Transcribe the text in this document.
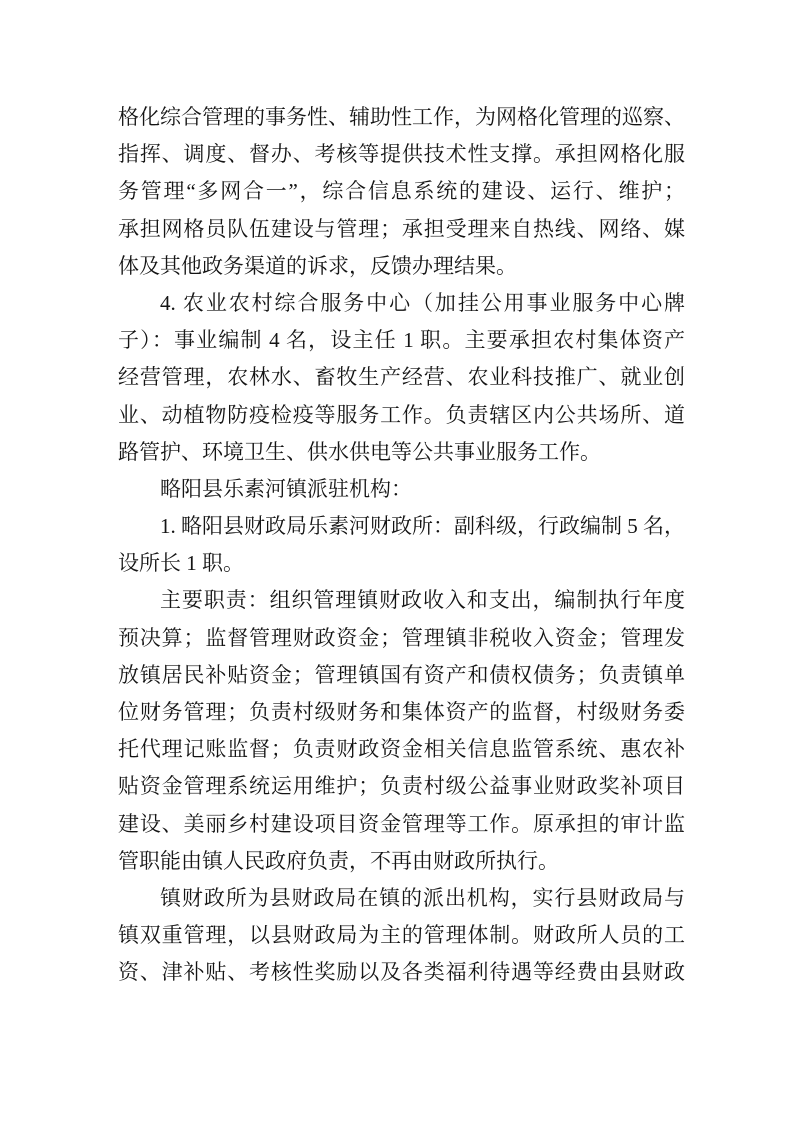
格化综合管理的事务性、辅助性工作，为网格化管理的巡察、
指挥、调度、督办、考核等提供技术性支撑。承担网格化服
务管理“多网合一”，综合信息系统的建设、运行、维护；
承担网格员队伍建设与管理；承担受理来自热线、网络、媒
体及其他政务渠道的诉求，反馈办理结果。
4. 农业农村综合服务中心（加挂公用事业服务中心牌
子）：事业编制 4 名，设主任 1 职。主要承担农村集体资产
经营管理，农林水、畜牧生产经营、农业科技推广、就业创
业、动植物防疫检疫等服务工作。负责辖区内公共场所、道
路管护、环境卫生、供水供电等公共事业服务工作。
略阳县乐素河镇派驻机构：
1. 略阳县财政局乐素河财政所：副科级，行政编制 5 名，
设所长 1 职。
主要职责：组织管理镇财政收入和支出，编制执行年度
预决算；监督管理财政资金；管理镇非税收入资金；管理发
放镇居民补贴资金；管理镇国有资产和债权债务；负责镇单
位财务管理；负责村级财务和集体资产的监督，村级财务委
托代理记账监督；负责财政资金相关信息监管系统、惠农补
贴资金管理系统运用维护；负责村级公益事业财政奖补项目
建设、美丽乡村建设项目资金管理等工作。原承担的审计监
管职能由镇人民政府负责，不再由财政所执行。
镇财政所为县财政局在镇的派出机构，实行县财政局与
镇双重管理，以县财政局为主的管理体制。财政所人员的工
资、津补贴、考核性奖励以及各类福利待遇等经费由县财政
